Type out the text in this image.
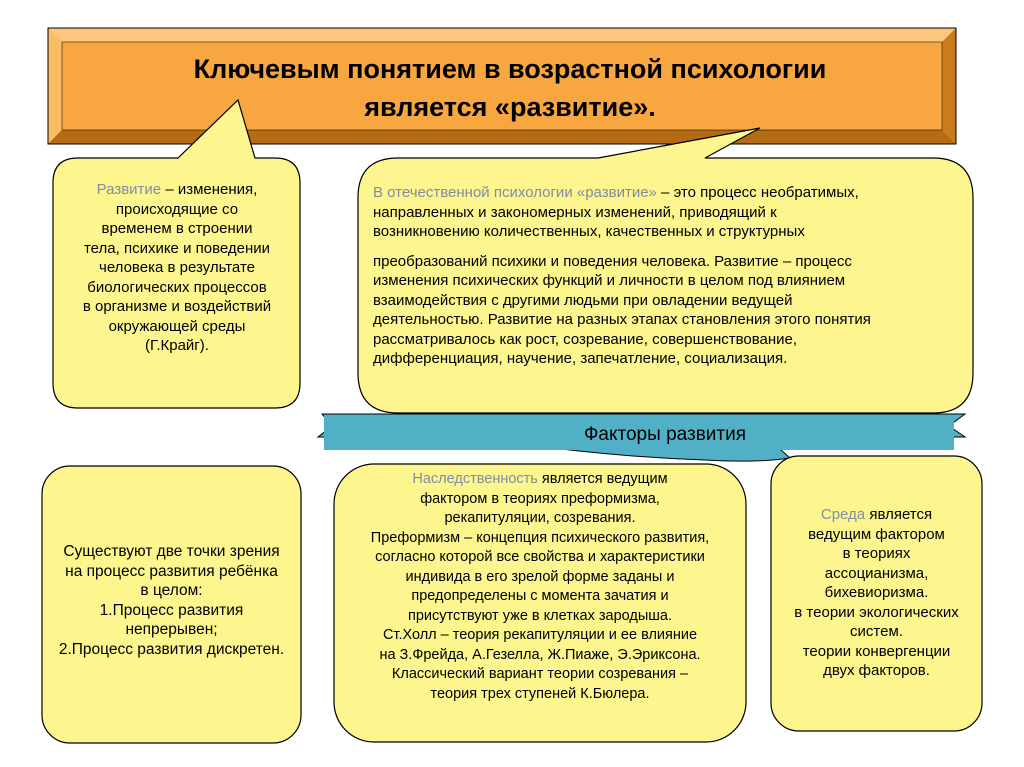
Ключевым понятием в возрастной психологии
является «развитие».
Развитие – изменения,
происходящие со
временем в строении
тела, психике и поведении
человека в результате
биологических процессов
в организме и воздействий
окружающей среды
(Г.Крайг).
В отечественной психологии «развитие» – это процесс необратимых,
направленных и закономерных изменений, приводящий к
возникновению количественных, качественных и структурных
преобразований психики и поведения человека. Развитие – процесс
изменения психических функций и личности в целом под влиянием
взаимодействия с другими людьми при овладении ведущей
деятельностью. Развитие на разных этапах становления этого понятия
рассматривалось как рост, созревание, совершенствование,
дифференциация, научение, запечатление, социализация.
Факторы развития
Существуют две точки зрения
на процесс развития ребёнка
в целом:
1.Процесс развития
непрерывен;
2.Процесс развития дискретен.
Наследственность является ведущим
фактором в теориях преформизма,
рекапитуляции, созревания.
Преформизм – концепция психического развития,
согласно которой все свойства и характеристики
индивида в его зрелой форме заданы и
предопределены с момента зачатия и
присутствуют уже в клетках зародыша.
Ст.Холл – теория рекапитуляции и ее влияние
на З.Фрейда, А.Гезелла, Ж.Пиаже, Э.Эриксона.
Классический вариант теории созревания –
теория трех ступеней К.Бюлера.
Среда является
ведущим фактором
в теориях
ассоцианизма,
бихевиоризма.
в теории экологических
систем.
теории конвергенции
двух факторов.
